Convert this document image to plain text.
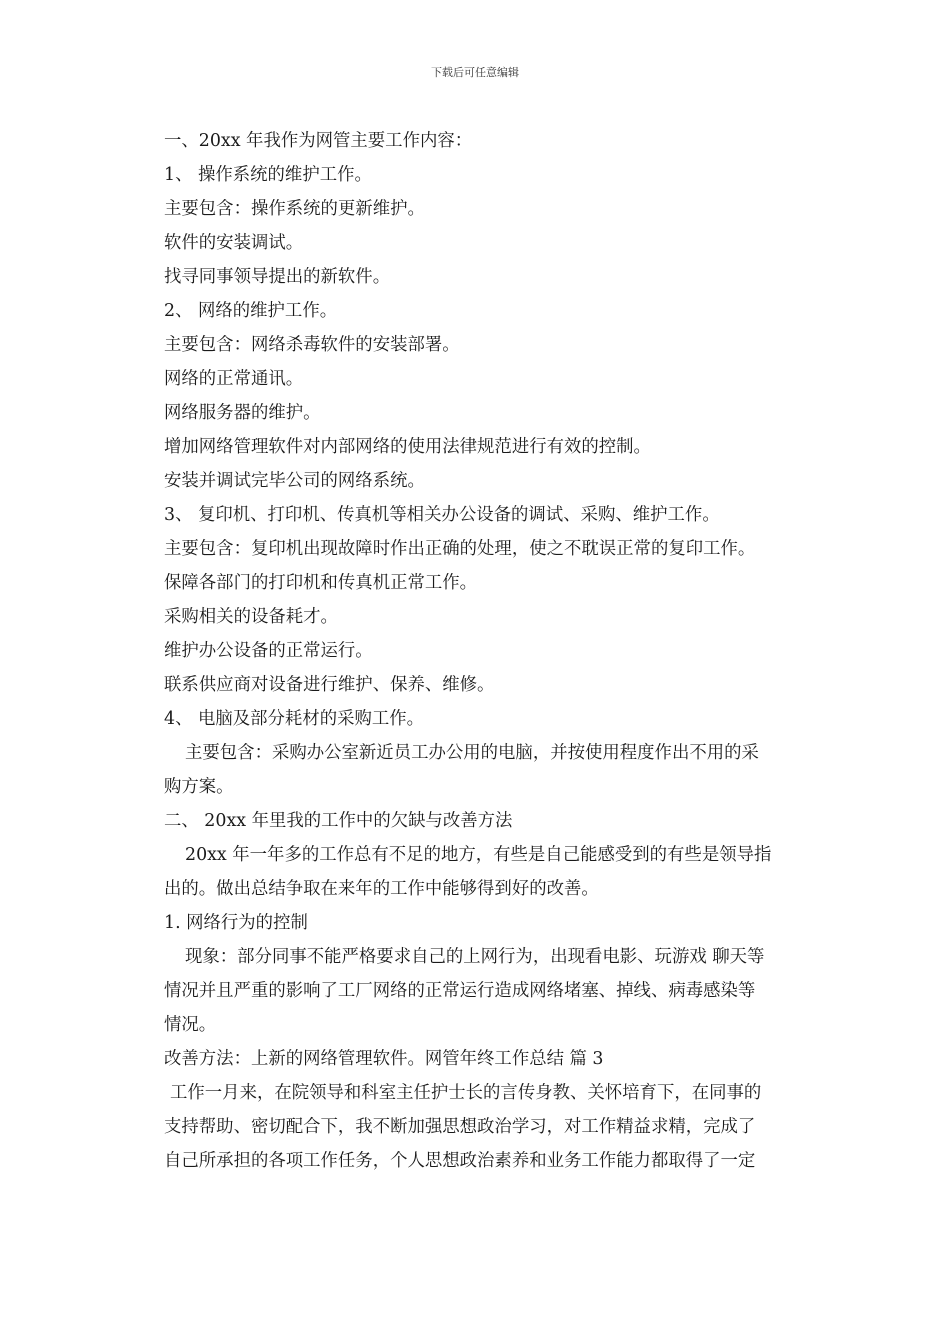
下载后可任意编辑
一、20xx 年我作为网管主要工作内容：
1、 操作系统的维护工作。
主要包含：操作系统的更新维护。
软件的安装调试。
找寻同事领导提出的新软件。
2、 网络的维护工作。
主要包含：网络杀毒软件的安装部署。
网络的正常通讯。
网络服务器的维护。
增加网络管理软件对内部网络的使用法律规范进行有效的控制。
安装并调试完毕公司的网络系统。
3、 复印机、打印机、传真机等相关办公设备的调试、采购、维护工作。
主要包含：复印机出现故障时作出正确的处理，使之不耽误正常的复印工作。
保障各部门的打印机和传真机正常工作。
采购相关的设备耗才。
维护办公设备的正常运行。
联系供应商对设备进行维护、保养、维修。
4、 电脑及部分耗材的采购工作。
主要包含：采购办公室新近员工办公用的电脑，并按使用程度作出不用的采
购方案。
二、 20xx 年里我的工作中的欠缺与改善方法
20xx 年一年多的工作总有不足的地方，有些是自己能感受到的有些是领导指
出的。做出总结争取在来年的工作中能够得到好的改善。
1. 网络行为的控制
现象：部分同事不能严格要求自己的上网行为，出现看电影、玩游戏 聊天等
情况并且严重的影响了工厂网络的正常运行造成网络堵塞、掉线、病毒感染等
情况。
改善方法：上新的网络管理软件。网管年终工作总结 篇 3
工作一月来，在院领导和科室主任护士长的言传身教、关怀培育下，在同事的
支持帮助、密切配合下，我不断加强思想政治学习，对工作精益求精，完成了
自己所承担的各项工作任务，个人思想政治素养和业务工作能力都取得了一定
